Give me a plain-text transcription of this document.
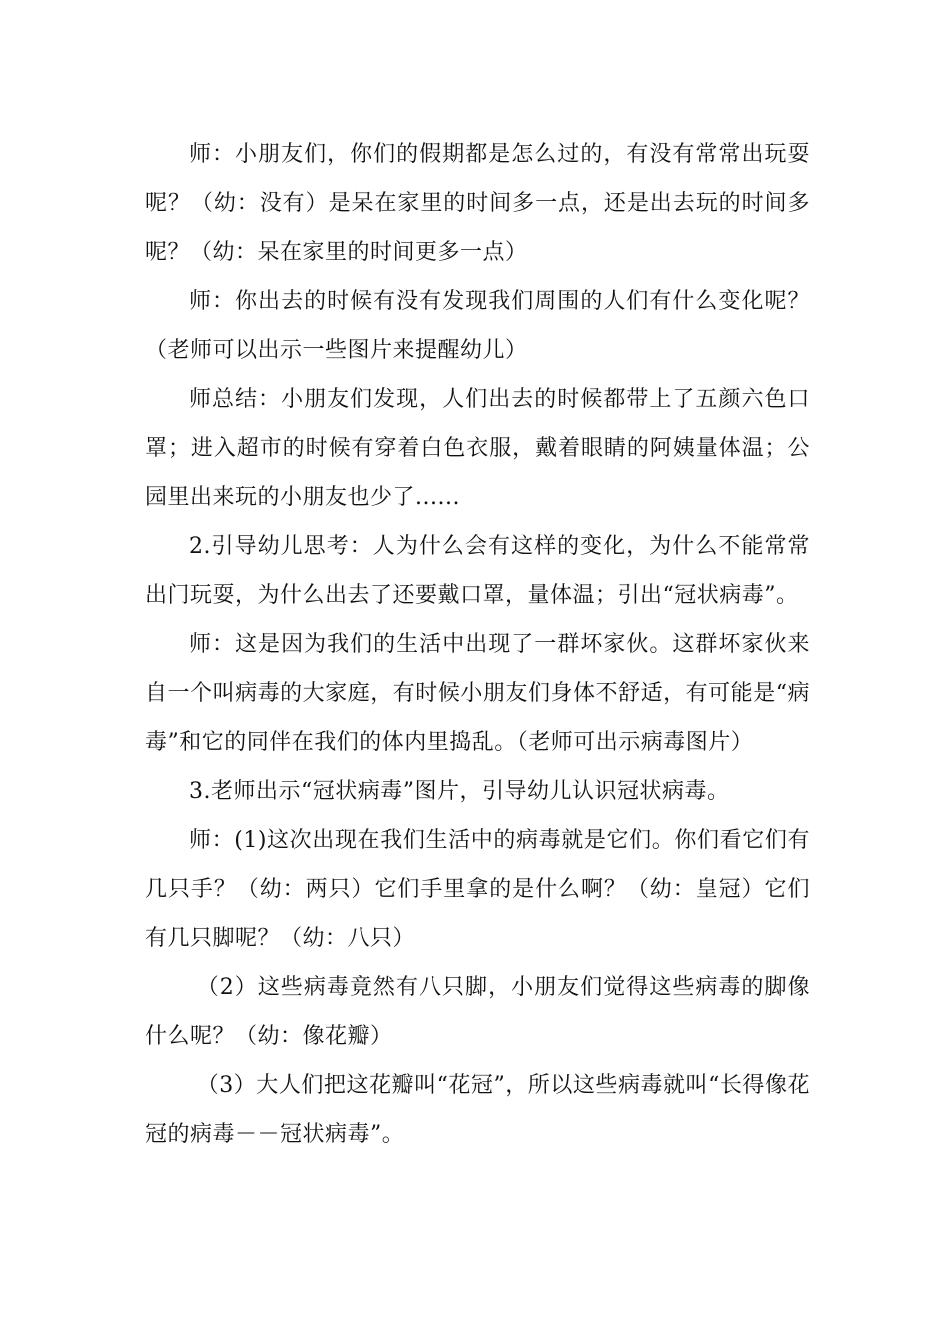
师：小朋友们，你们的假期都是怎么过的，有没有常常出玩耍呢？（幼：没有）是呆在家里的时间多一点，还是出去玩的时间多呢？（幼：呆在家里的时间更多一点）

师：你出去的时候有没有发现我们周围的人们有什么变化呢？（老师可以出示一些图片来提醒幼儿）

师总结：小朋友们发现，人们出去的时候都带上了五颜六色口罩；进入超市的时候有穿着白色衣服，戴着眼睛的阿姨量体温；公园里出来玩的小朋友也少了......

2.引导幼儿思考：人为什么会有这样的变化，为什么不能常常出门玩耍，为什么出去了还要戴口罩，量体温；引出“冠状病毒”。

师：这是因为我们的生活中出现了一群坏家伙。这群坏家伙来自一个叫病毒的大家庭，有时候小朋友们身体不舒适，有可能是“病毒”和它的同伴在我们的体内里捣乱。（老师可出示病毒图片）

3.老师出示“冠状病毒”图片，引导幼儿认识冠状病毒。

师：(1)这次出现在我们生活中的病毒就是它们。你们看它们有几只手？（幼：两只）它们手里拿的是什么啊？（幼：皇冠）它们有几只脚呢？（幼：八只）

（2）这些病毒竟然有八只脚，小朋友们觉得这些病毒的脚像什么呢？（幼：像花瓣）

（3）大人们把这花瓣叫“花冠”，所以这些病毒就叫“长得像花冠的病毒－－冠状病毒”。
